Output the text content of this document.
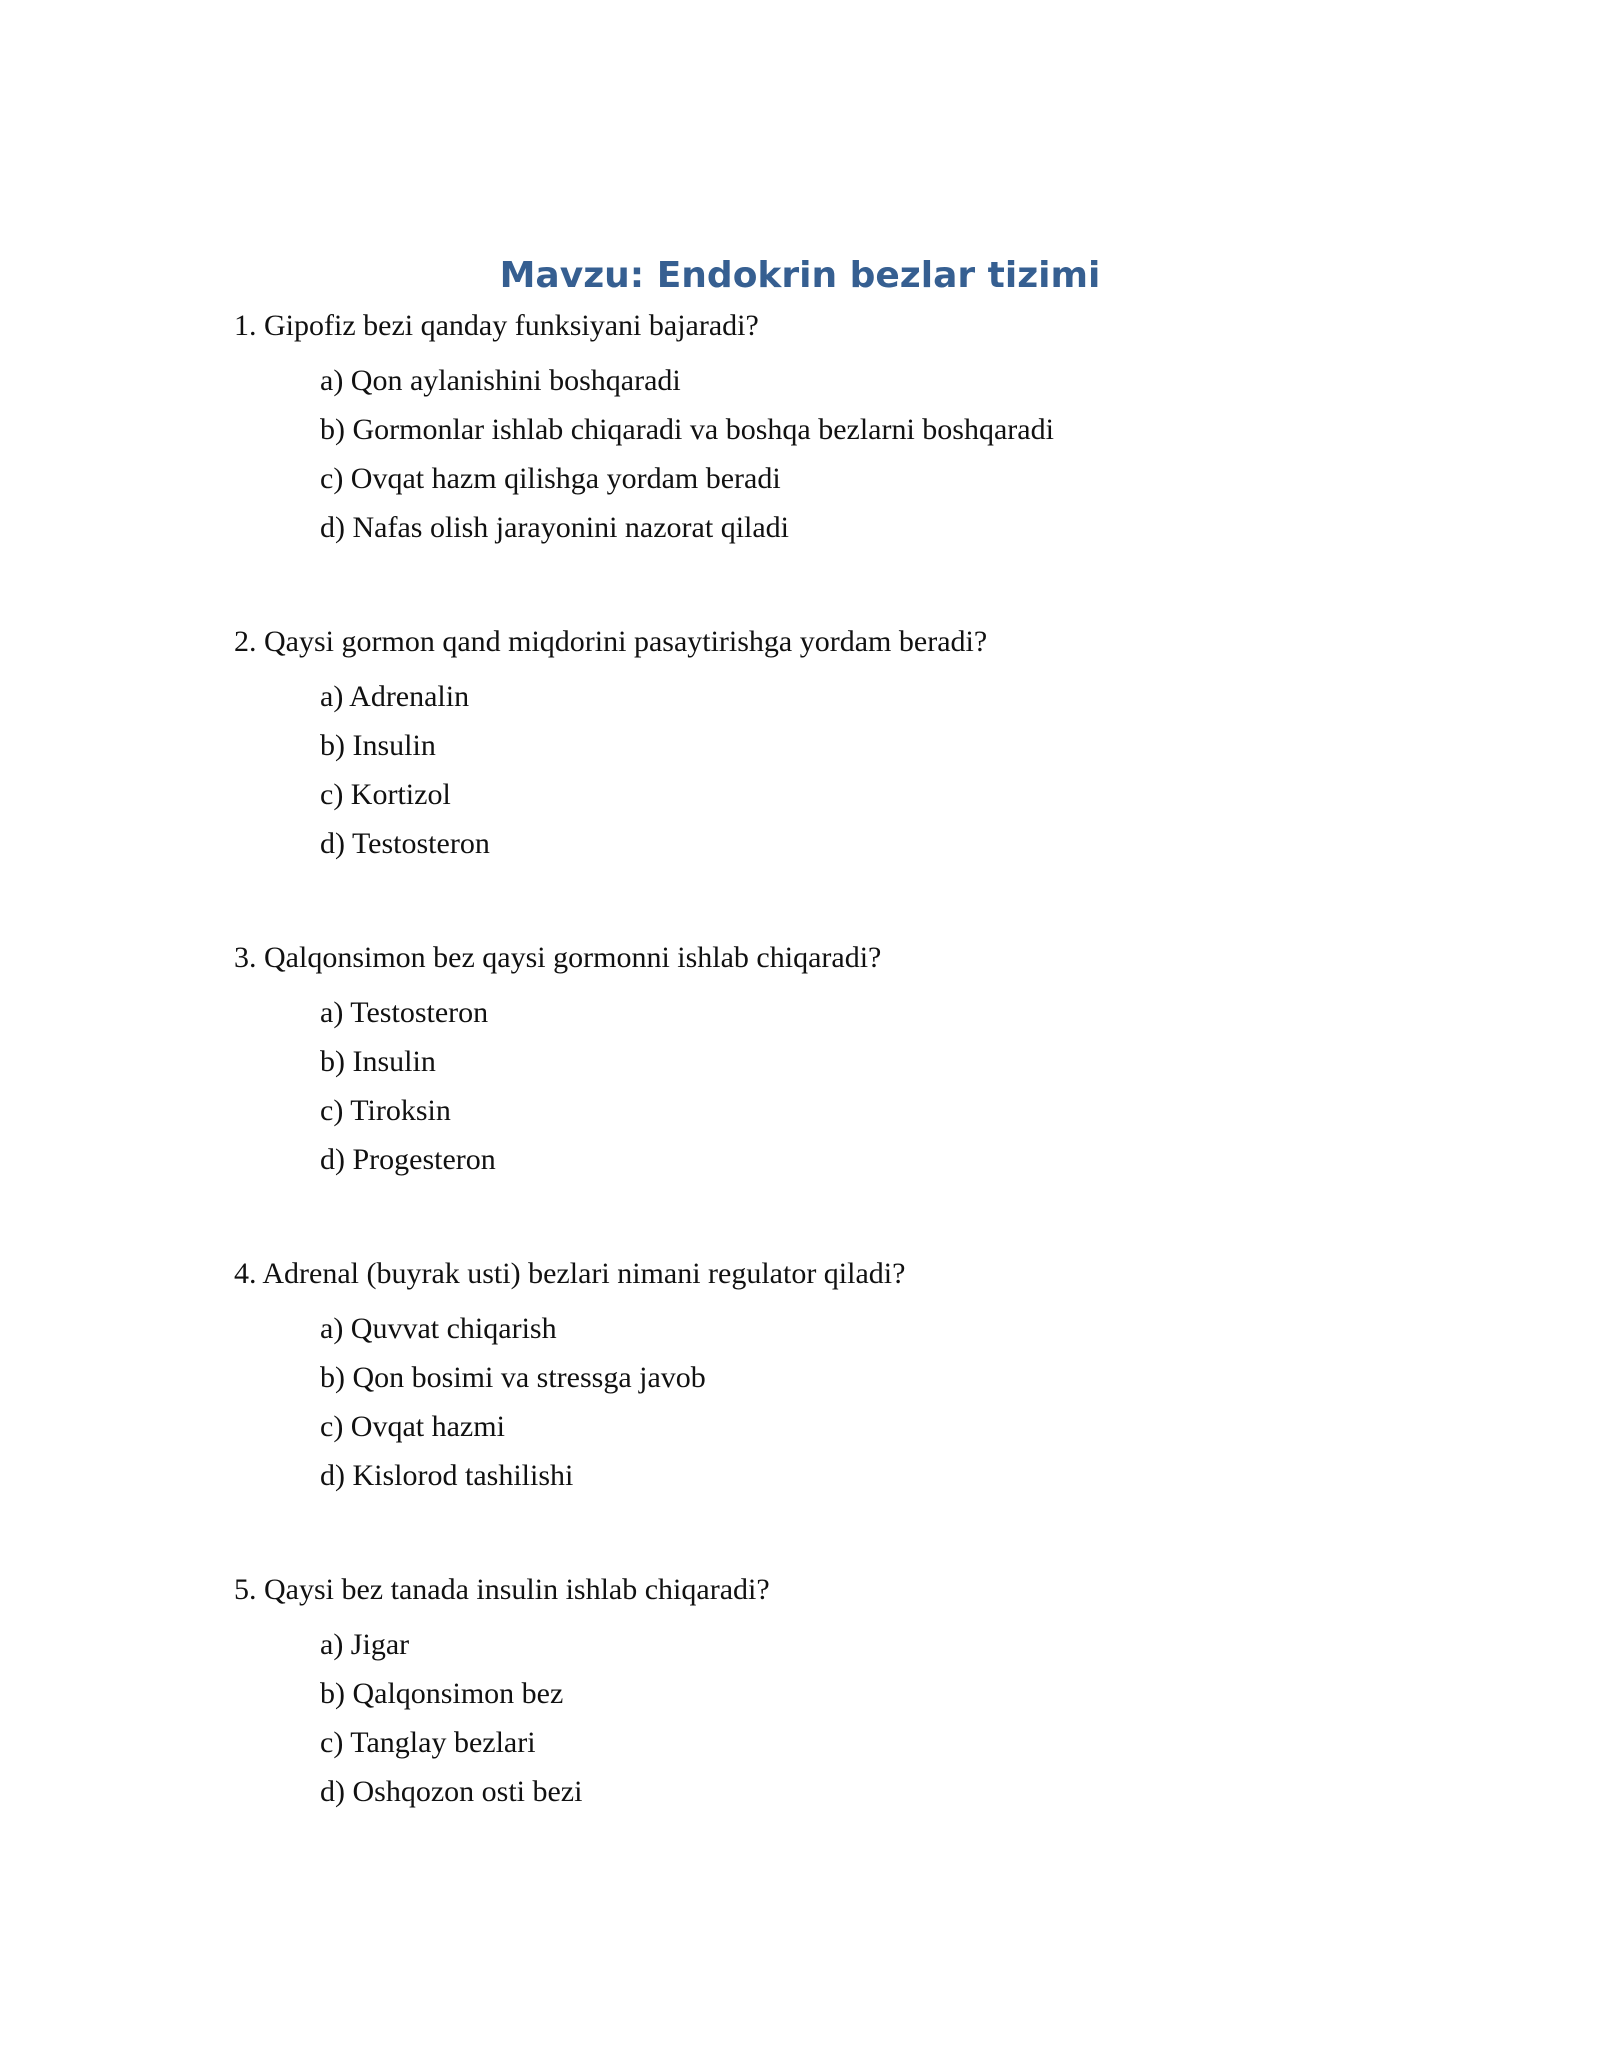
Mavzu: Endokrin bezlar tizimi

1. Gipofiz bezi qanday funksiyani bajaradi?

a) Qon aylanishini boshqaradi
b) Gormonlar ishlab chiqaradi va boshqa bezlarni boshqaradi
c) Ovqat hazm qilishga yordam beradi
d) Nafas olish jarayonini nazorat qiladi

2. Qaysi gormon qand miqdorini pasaytirishga yordam beradi?

a) Adrenalin
b) Insulin
c) Kortizol
d) Testosteron

3. Qalqonsimon bez qaysi gormonni ishlab chiqaradi?

a) Testosteron
b) Insulin
c) Tiroksin
d) Progesteron

4. Adrenal (buyrak usti) bezlari nimani regulator qiladi?

a) Quvvat chiqarish
b) Qon bosimi va stressga javob
c) Ovqat hazmi
d) Kislorod tashilishi

5. Qaysi bez tanada insulin ishlab chiqaradi?

a) Jigar
b) Qalqonsimon bez
c) Tanglay bezlari
d) Oshqozon osti bezi
